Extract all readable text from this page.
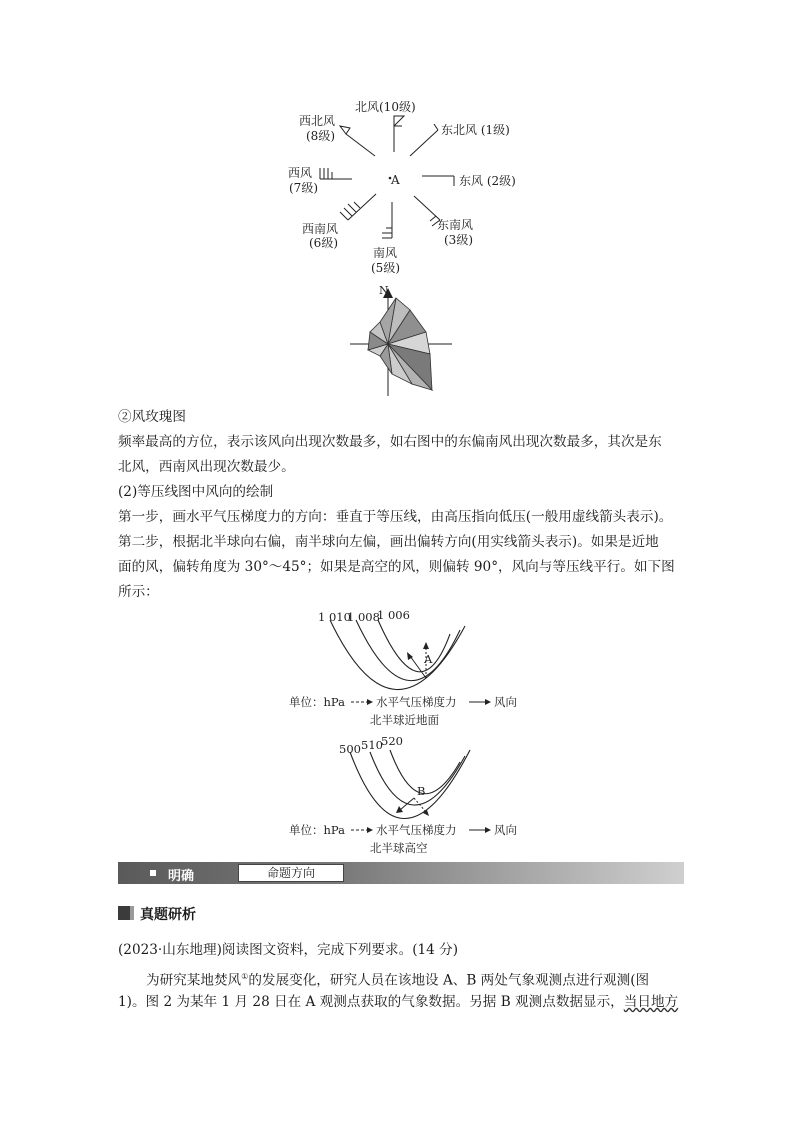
A
北风(10级)
西北风
(8级)	东北风 (1级)
西风
(7级)	东风 (2级)
西南风
(6级)
东南风
(3级)
南风
(5级)
N
②风玫瑰图
频率最高的方位，表示该风向出现次数最多，如右图中的东偏南风出现次数最多，其次是东
北风，西南风出现次数最少。
(2)等压线图中风向的绘制
第一步，画水平气压梯度力的方向：垂直于等压线，由高压指向低压(一般用虚线箭头表示)。
第二步，根据北半球向右偏，南半球向左偏，画出偏转方向(用实线箭头表示)。如果是近地
面的风，偏转角度为 30°～45°；如果是高空的风，则偏转 90°，风向与等压线平行。如下图
所示：
1 010
1 008
1 006
A
单位：hPa	水平气压梯度力	风向
北半球近地面
500 510
520
B
单位：hPa	水平气压梯度力	风向
北半球高空
明确	命题方向
真题研析
(2023·山东地理)阅读图文资料，完成下列要求。(14 分)
为研究某地焚风①的发展变化，研究人员在该地设 A、B 两处气象观测点进行观测(图
1)。图 2 为某年 1 月 28 日在 A 观测点获取的气象数据。另据 B 观测点数据显示，当日地方
